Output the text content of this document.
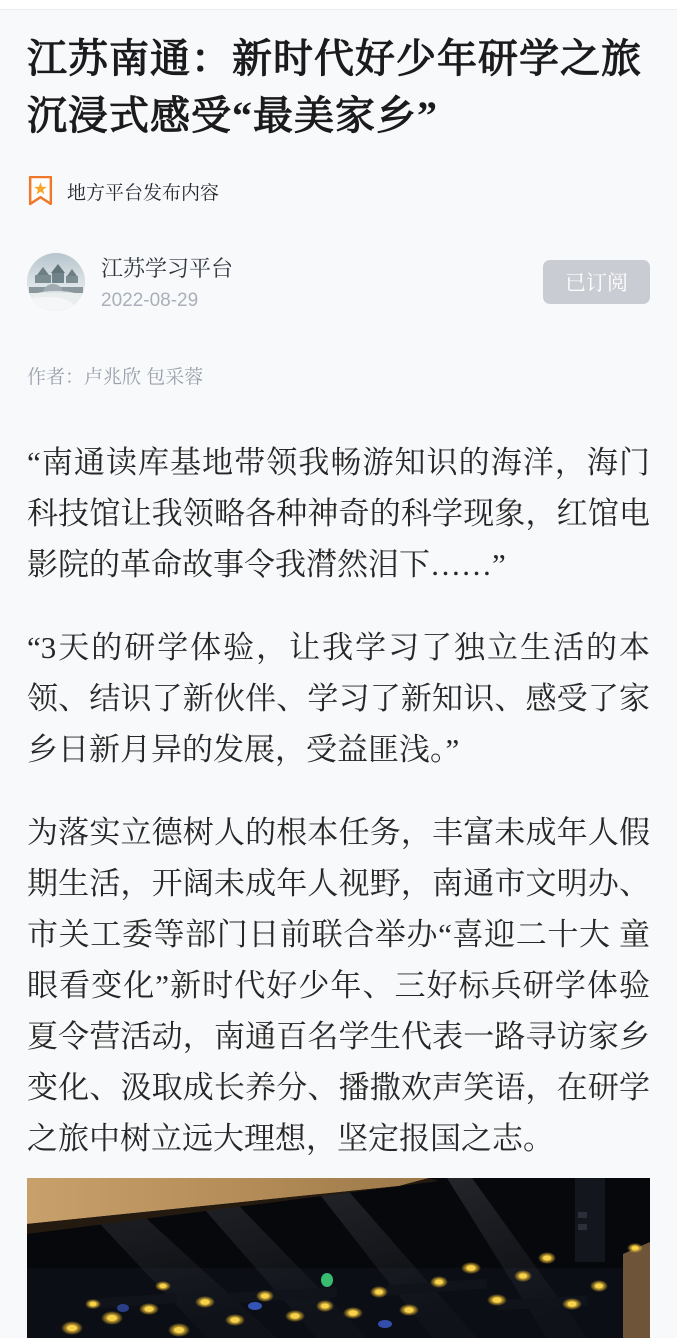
江苏南通：新时代好少年研学之旅沉浸式感受“最美家乡”
地方平台发布内容
江苏学习平台
2022-08-29
已订阅
作者：卢兆欣 包采蓉

“南通读库基地带领我畅游知识的海洋，海门科技馆让我领略各种神奇的科学现象，红馆电影院的革命故事令我潸然泪下……”

“3天的研学体验，让我学习了独立生活的本领、结识了新伙伴、学习了新知识、感受了家乡日新月异的发展，受益匪浅。”

为落实立德树人的根本任务，丰富未成年人假期生活，开阔未成年人视野，南通市文明办、市关工委等部门日前联合举办“喜迎二十大 童眼看变化”新时代好少年、三好标兵研学体验夏令营活动，南通百名学生代表一路寻访家乡变化、汲取成长养分、播撒欢声笑语，在研学之旅中树立远大理想，坚定报国之志。
